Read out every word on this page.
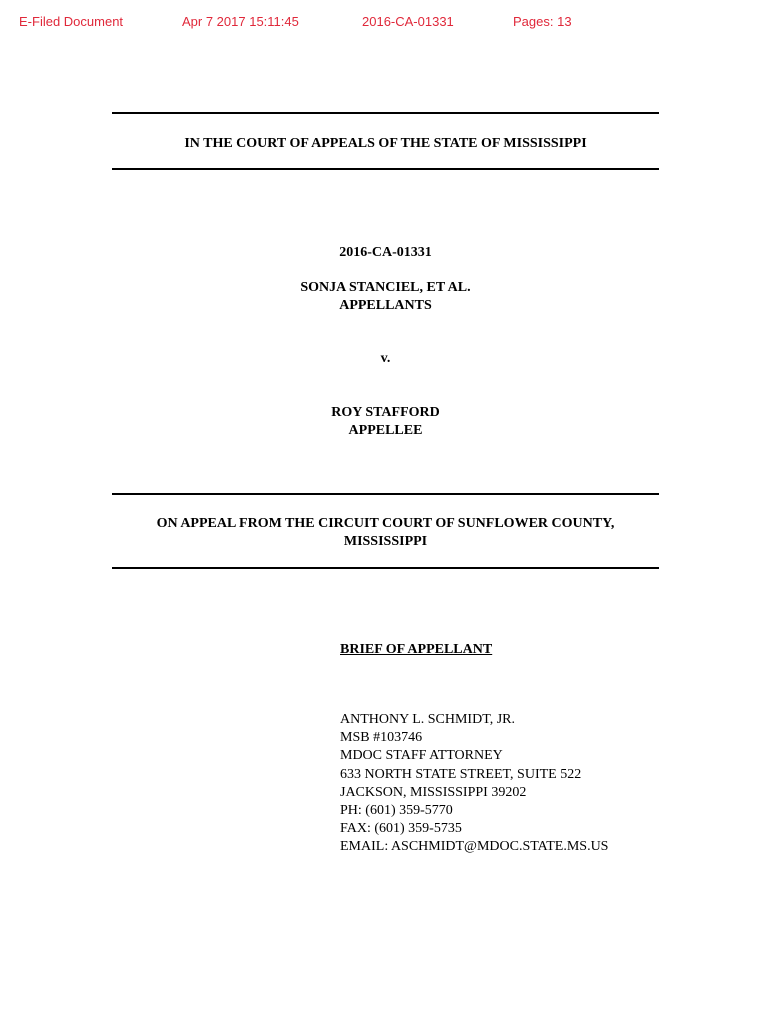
E-Filed Document	Apr 7 2017 15:11:45	2016-CA-01331	Pages: 13
IN THE COURT OF APPEALS OF THE STATE OF MISSISSIPPI
2016-CA-01331
SONJA STANCIEL, ET AL.
APPELLANTS
v.
ROY STAFFORD
APPELLEE
ON APPEAL FROM THE CIRCUIT COURT OF SUNFLOWER COUNTY,
MISSISSIPPI
BRIEF OF APPELLANT
ANTHONY L. SCHMIDT, JR.
MSB #103746
MDOC STAFF ATTORNEY
633 NORTH STATE STREET, SUITE 522
JACKSON, MISSISSIPPI 39202
PH: (601) 359-5770
FAX: (601) 359-5735
EMAIL: ASCHMIDT@MDOC.STATE.MS.US
